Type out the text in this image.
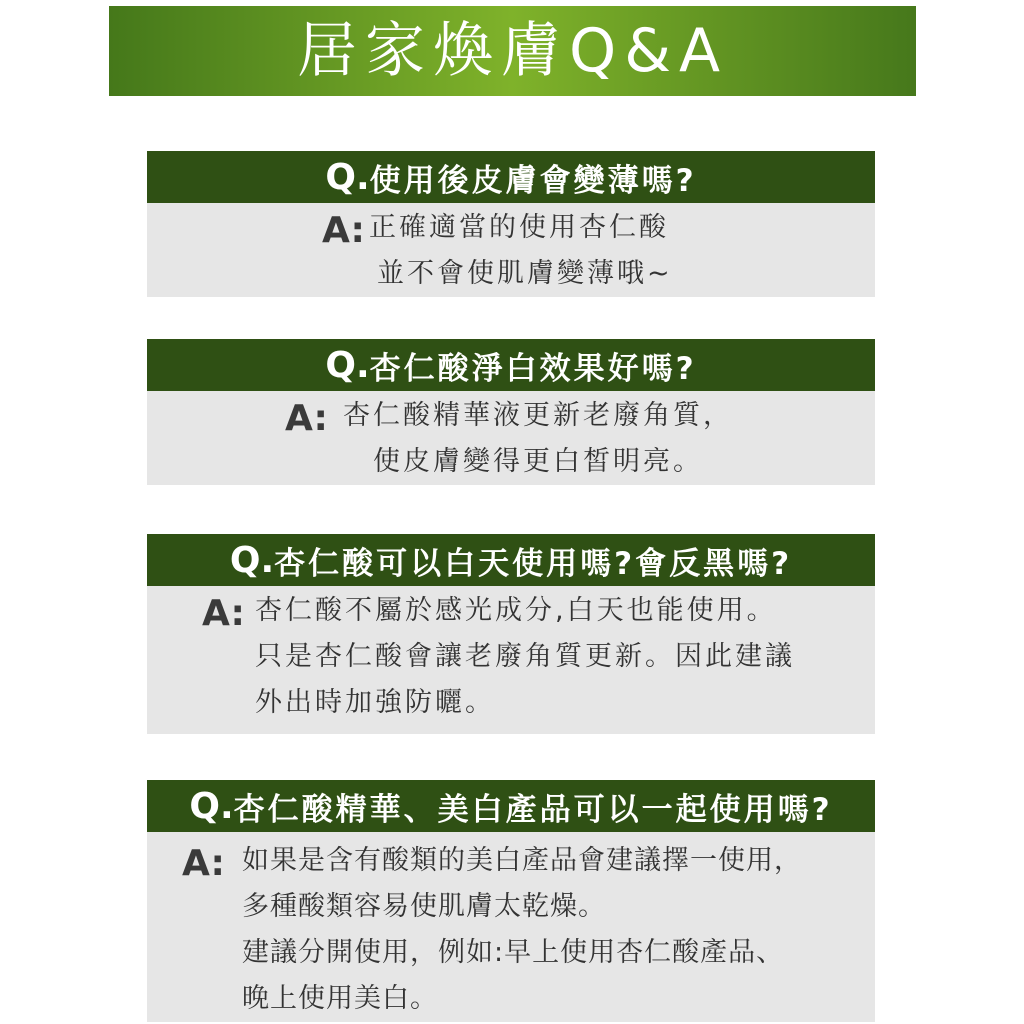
居家煥膚Q&A
Q. 使用後皮膚會變薄嗎?
A: 正確適當的使用杏仁酸
並不會使肌膚變薄哦~
Q. 杏仁酸淨白效果好嗎?
A: 杏仁酸精華液更新老廢角質，
使皮膚變得更白皙明亮。
Q. 杏仁酸可以白天使用嗎?會反黑嗎?
A: 杏仁酸不屬於感光成分,白天也能使用。
只是杏仁酸會讓老廢角質更新。因此建議
外出時加強防曬。
Q. 杏仁酸精華、美白產品可以一起使用嗎?
A: 如果是含有酸類的美白產品會建議擇一使用，
多種酸類容易使肌膚太乾燥。
建議分開使用，例如:早上使用杏仁酸產品、
晚上使用美白。
